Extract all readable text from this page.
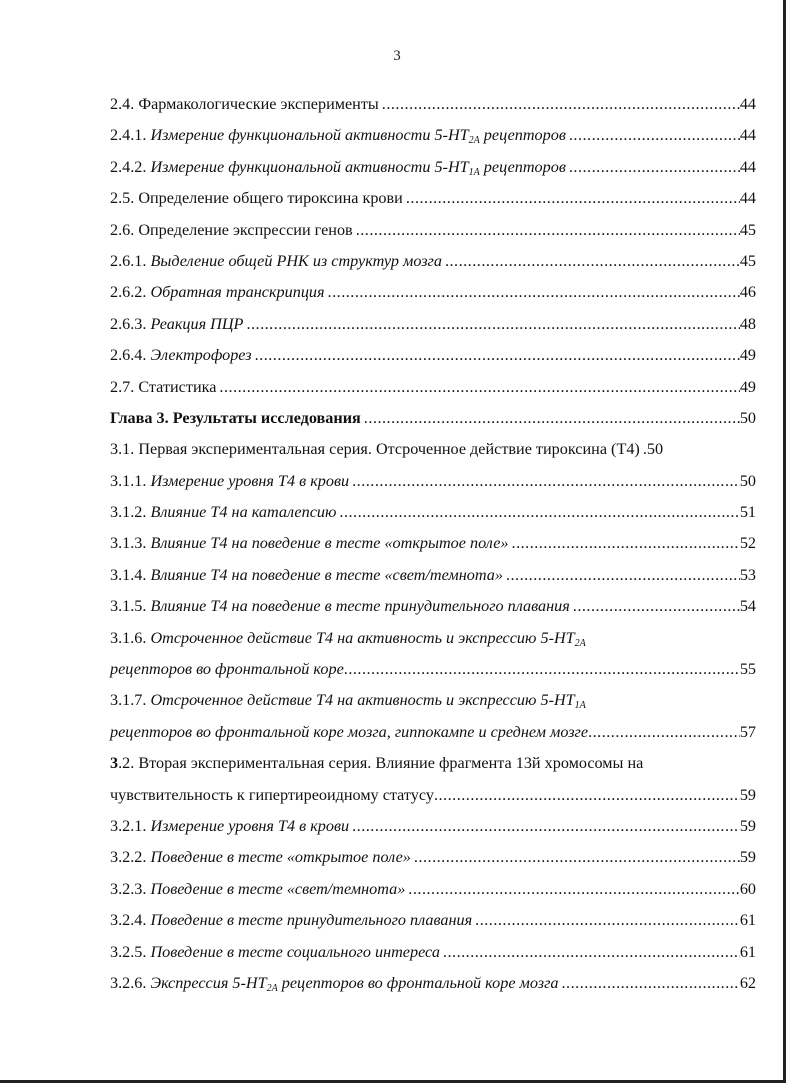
3
2.4. Фармакологические эксперименты .....	44
2.4.1. Измерение функциональной активности $5-HT_{2A}$ рецепторов .....	44
2.4.2. Измерение функциональной активности $5-HT_{1A}$ рецепторов .....	44
2.5. Определение общего тироксина крови .....	44
2.6. Определение экспрессии генов .....	45
2.6.1. Выделение общей РНК из структур мозга .....	45
2.6.2. Обратная транскрипция .....	46
2.6.3. Реакция ПЦР .....	48
2.6.4. Электрофорез .....	49
2.7. Статистика .....	49
Глава 3. Результаты исследования .....	50
3.1. Первая экспериментальная серия. Отсроченное действие тироксина (Т4) .50
3.1.1. Измерение уровня Т4 в крови .....	50
3.1.2. Влияние Т4 на каталепсию .....	51
3.1.3. Влияние Т4 на поведение в тесте «открытое поле» .....	52
3.1.4. Влияние Т4 на поведение в тесте «свет/темнота» .....	53
3.1.5. Влияние Т4 на поведение в тесте принудительного плавания .....	54
3.1.6. Отсроченное действие Т4 на активность и экспрессию $5-HT_{2A}$
рецепторов во фронтальной коре .....	55
3.1.7. Отсроченное действие Т4 на активность и экспрессию $5-HT_{1A}$
рецепторов во фронтальной коре мозга, гиппокампе и среднем мозге .....	57
3.2. Вторая экспериментальная серия. Влияние фрагмента 13й хромосомы на
чувствительность к гипертиреоидному статусу .....	59
3.2.1. Измерение уровня Т4 в крови .....	59
3.2.2. Поведение в тесте «открытое поле» .....	59
3.2.3. Поведение в тесте «свет/темнота» .....	60
3.2.4. Поведение в тесте принудительного плавания .....	61
3.2.5. Поведение в тесте социального интереса .....	61
3.2.6. Экспрессия $5-HT_{2A}$ рецепторов во фронтальной коре мозга .....	62
